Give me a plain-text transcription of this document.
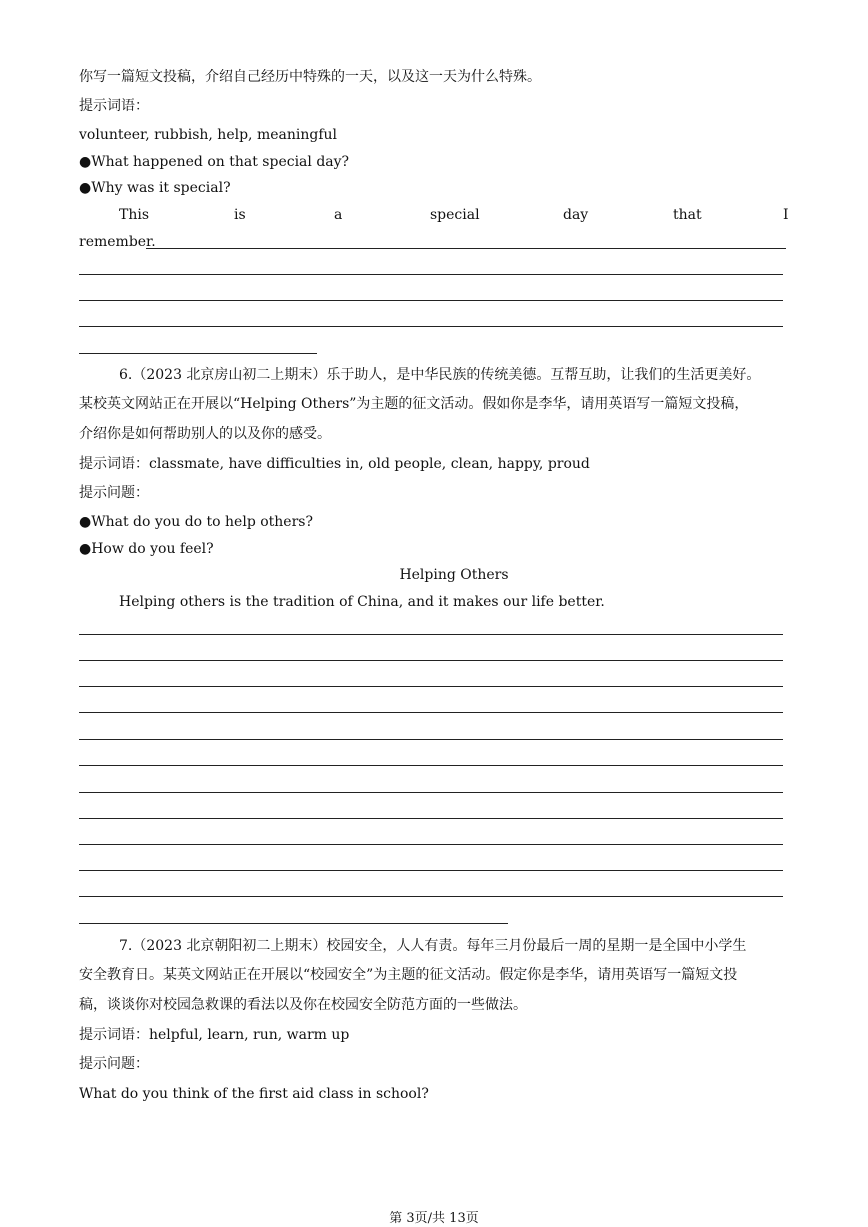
你写一篇短文投稿，介绍自己经历中特殊的一天，以及这一天为什么特殊。
提示词语：
volunteer, rubbish, help, meaningful
●What happened on that special day?
●Why was it special?
This	is	a	special	day	that	I
remember.
6.（2023 北京房山初二上期末）乐于助人，是中华民族的传统美德。互帮互助，让我们的生活更美好。
某校英文网站正在开展以“Helping Others”为主题的征文活动。假如你是李华，请用英语写一篇短文投稿，
介绍你是如何帮助别人的以及你的感受。
提示词语：classmate, have difficulties in, old people, clean, happy, proud
提示问题：
●What do you do to help others?
●How do you feel?
Helping Others
Helping others is the tradition of China, and it makes our life better.
7.（2023 北京朝阳初二上期末）校园安全，人人有责。每年三月份最后一周的星期一是全国中小学生
安全教育日。某英文网站正在开展以“校园安全”为主题的征文活动。假定你是李华，请用英语写一篇短文投
稿，谈谈你对校园急救课的看法以及你在校园安全防范方面的一些做法。
提示词语：helpful, learn, run, warm up
提示问题：
What do you think of the first aid class in school?
第 3页/共 13页
